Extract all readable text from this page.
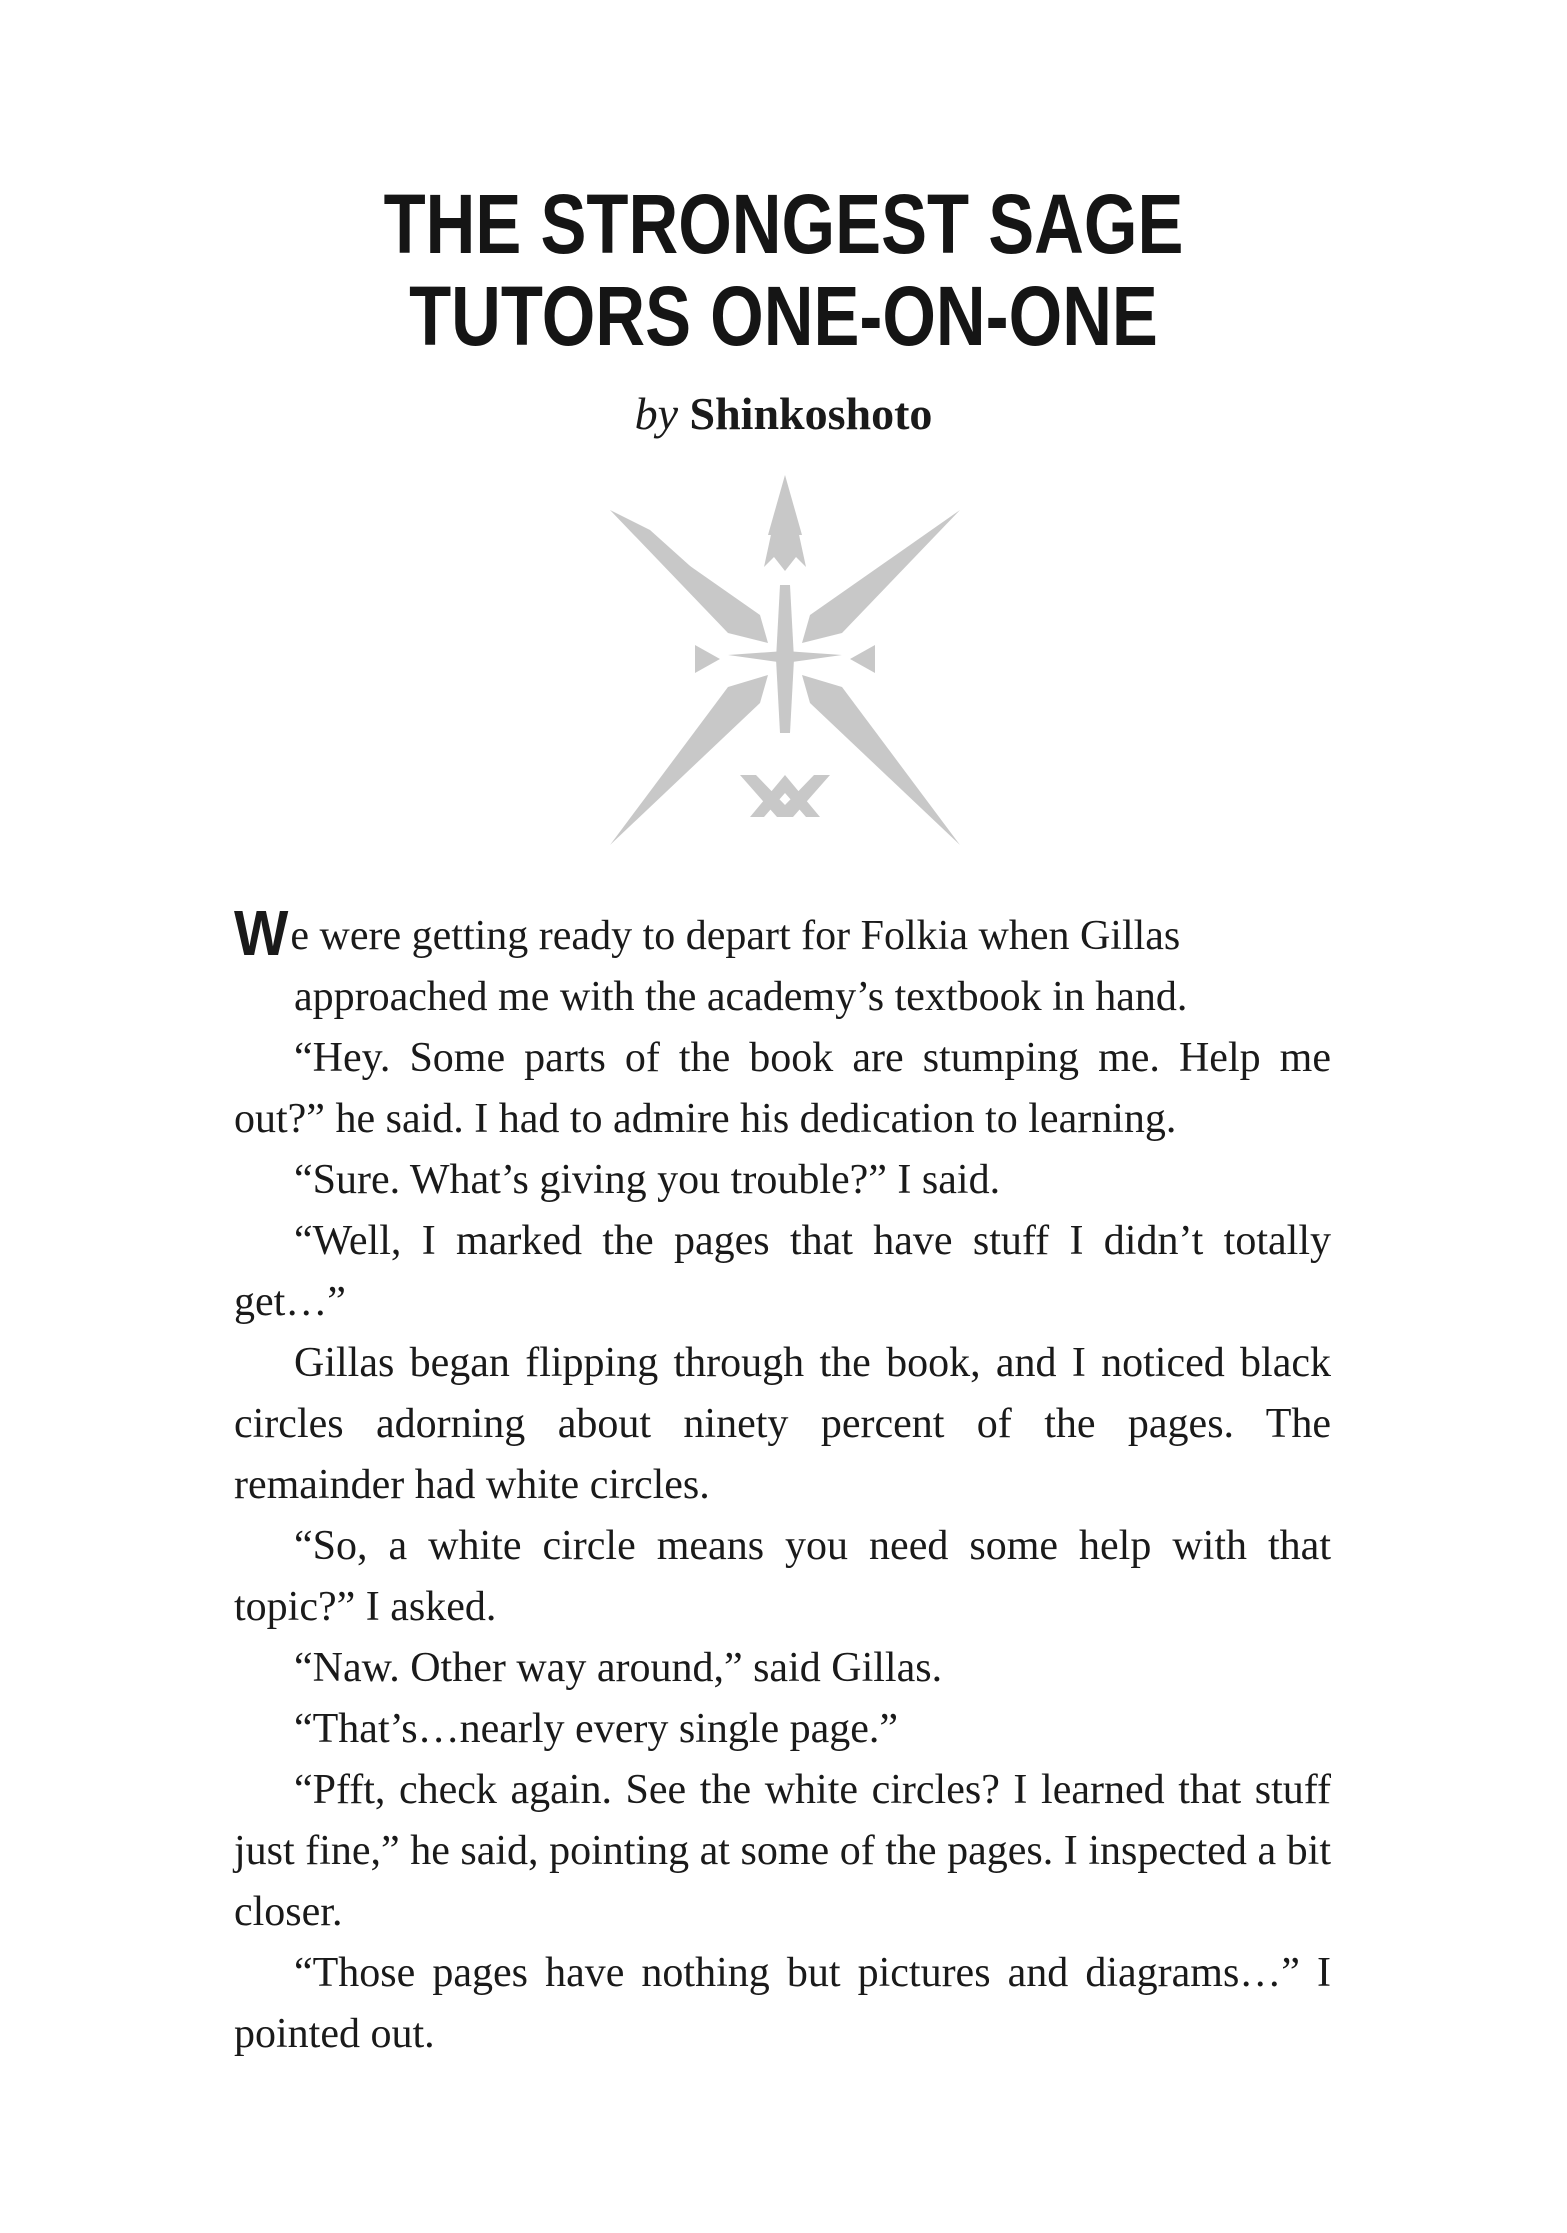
THE STRONGEST SAGE
TUTORS ONE-ON-ONE
by Shinkoshoto

We were getting ready to depart for Folkia when Gillas
approached me with the academy’s textbook in hand.

“Hey. Some parts of the book are stumping me. Help me out?” he said. I had to admire his dedication to learning.

“Sure. What’s giving you trouble?” I said.

“Well, I marked the pages that have stuff I didn’t totally get…”

Gillas began flipping through the book, and I noticed black circles adorning about ninety percent of the pages. The remainder had white circles.

“So, a white circle means you need some help with that topic?” I asked.

“Naw. Other way around,” said Gillas.

“That’s…nearly every single page.”

“Pfft, check again. See the white circles? I learned that stuff just fine,” he said, pointing at some of the pages. I inspected a bit closer.

“Those pages have nothing but pictures and diagrams…” I pointed out.
